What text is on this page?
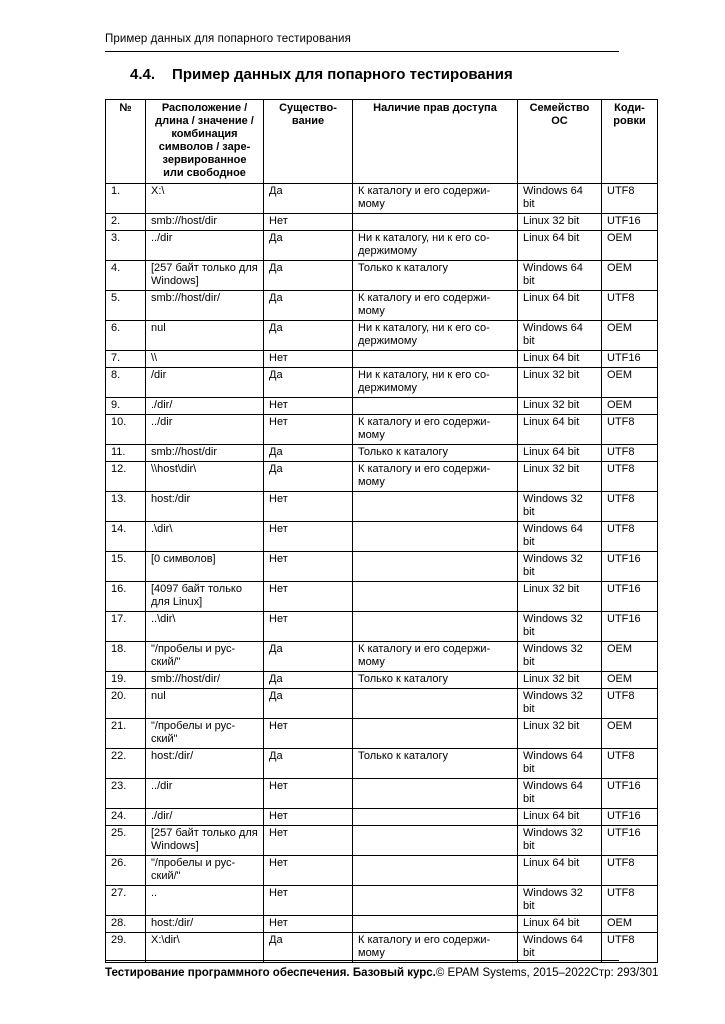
Пример данных для попарного тестирования
4.4. Пример данных для попарного тестирования
№	Расположение / длина / значение / комбинация символов / заре-зервированное или свободное	Существо-вание	Наличие прав доступа	Семейство ОС	Коди-ровки
1.	X:\	Да	К каталогу и его содержи-мому	Windows 64 bit	UTF8
2.	smb://host/dir	Нет		Linux 32 bit	UTF16
3.	../dir	Да	Ни к каталогу, ни к его со-держимому	Linux 64 bit	OEM
4.	[257 байт только для Windows]	Да	Только к каталогу	Windows 64 bit	OEM
5.	smb://host/dir/	Да	К каталогу и его содержи-мому	Linux 64 bit	UTF8
6.	nul	Да	Ни к каталогу, ни к его со-держимому	Windows 64 bit	OEM
7.	\\	Нет		Linux 64 bit	UTF16
8.	/dir	Да	Ни к каталогу, ни к его со-держимому	Linux 32 bit	OEM
9.	./dir/	Нет		Linux 32 bit	OEM
10.	../dir	Нет	К каталогу и его содержи-мому	Linux 64 bit	UTF8
11.	smb://host/dir	Да	Только к каталогу	Linux 64 bit	UTF8
12.	\\host\dir\	Да	К каталогу и его содержи-мому	Linux 32 bit	UTF8
13.	host:/dir	Нет		Windows 32 bit	UTF8
14.	.\dir\	Нет		Windows 64 bit	UTF8
15.	[0 символов]	Нет		Windows 32 bit	UTF16
16.	[4097 байт только для Linux]	Нет		Linux 32 bit	UTF16
17.	..\dir\	Нет		Windows 32 bit	UTF16
18.	"/пробелы и рус-ский/"	Да	К каталогу и его содержи-мому	Windows 32 bit	OEM
19.	smb://host/dir/	Да	Только к каталогу	Linux 32 bit	OEM
20.	nul	Да		Windows 32 bit	UTF8
21.	"/пробелы и рус-ский"	Нет		Linux 32 bit	OEM
22.	host:/dir/	Да	Только к каталогу	Windows 64 bit	UTF8
23.	../dir	Нет		Windows 64 bit	UTF16
24.	./dir/	Нет		Linux 64 bit	UTF16
25.	[257 байт только для Windows]	Нет		Windows 32 bit	UTF16
26.	"/пробелы и рус-ский/"	Нет		Linux 64 bit	UTF8
27.	..	Нет		Windows 32 bit	UTF8
28.	host:/dir/	Нет		Linux 64 bit	OEM
29.	X:\dir\	Да	К каталогу и его содержи-мому	Windows 64 bit	UTF8
Тестирование программного обеспечения. Базовый курс. © EPAM Systems, 2015–2022 Стр: 293/301
